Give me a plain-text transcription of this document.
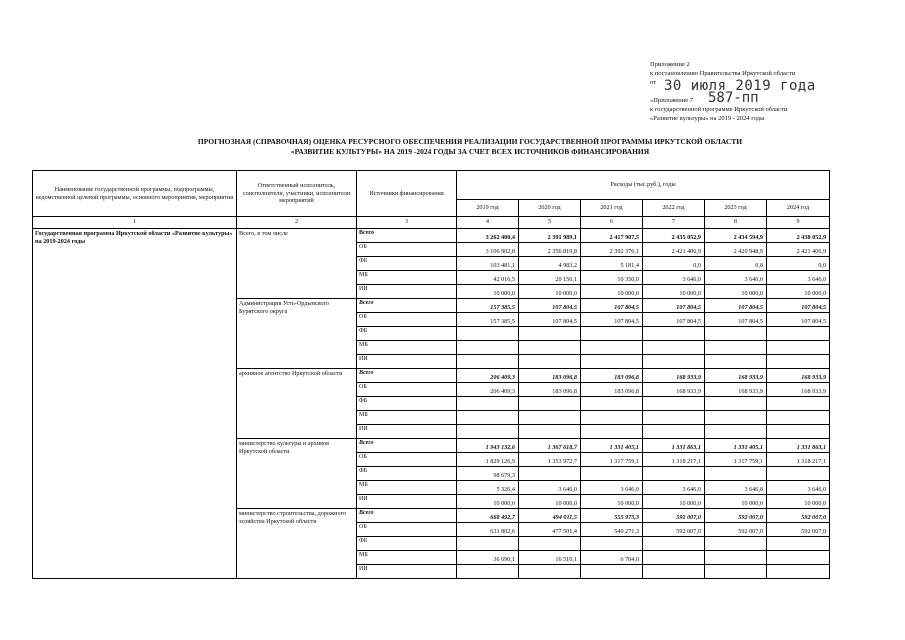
Приложение 2
к постановлению Правительства Иркутской области
от
«Приложение 7
к государственной программе Иркутской области
«Развитие культуры» на 2019 - 2024 годы
30 июля 2019 года
587-пп
ПРОГНОЗНАЯ (СПРАВОЧНАЯ) ОЦЕНКА РЕСУРСНОГО ОБЕСПЕЧЕНИЯ РЕАЛИЗАЦИИ ГОСУДАРСТВЕННОЙ ПРОГРАММЫ ИРКУТСКОЙ ОБЛАСТИ
«РАЗВИТИЕ КУЛЬТУРЫ» НА 2019 -2024 ГОДЫ ЗА СЧЕТ ВСЕХ ИСТОЧНИКОВ ФИНАНСИРОВАНИЯ
Наименование государственной программы, подпрограммы, ведомственной целевой программы, основного мероприятия, мероприятия	Ответственный исполнитель, соисполнители, участники, исполнители мероприятий	Источники финансирования	Расходы (тыс.руб.), годы					
			2019 год	2020 год	2021 год	2022 год	2023 год	2024 год
1	2	3	4	5	6	7	8	9
Государственная программа Иркутской области «Развитие культуры» на 2019-2024 годы	Всего, в том числе	Всего	3 262 400,4	2 391 989,1	2 417 907,5	2 435 052,9	2 434 594,9	2 438 052,9
		ОБ	3 106 902,8	2 356 819,8	2 392 376,1	2 421 406,9	2 420 948,9	2 421 406,9
		ФБ	103 481,1	4 983,2	5 181,4	0,0	0,0	0,0
		МБ	42 016,5	20 156,1	10 350,0	3 646,0	3 646,0	3 646,0
		ИИ	10 000,0	10 000,0	10 000,0	10 000,0	10 000,0	10 000,0
	Администрация Усть-Ордынского Бурятского округа	Всего	157 385,5	107 804,5	107 804,5	107 804,5	107 804,5	107 804,5
		ОБ	157 385,5	107 804,5	107 804,5	107 804,5	107 804,5	107 804,5
		ФБ						
		МБ						
		ИИ						
	архивное агентство Иркутской области	Всего	206 409,3	183 096,8	183 096,8	168 933,9	168 933,9	168 933,9
		ОБ	206 409,3	183 096,8	183 096,8	168 933,9	168 933,9	168 933,9
		ФБ						
		МБ						
		ИИ						
	министерство культуры и архивов Иркутской области	Всего	1 943 132,6	1 367 618,7	1 331 405,1	1 331 863,1	1 331 405,1	1 331 863,1
		ОБ	1 829 126,9	1 353 972,7	1 317 759,1	1 318 217,1	1 317 759,1	1 318 217,1
		ФБ	98 679,3					
		МБ	5 326,4	3 646,0	3 646,0	3 646,0	3 646,0	3 646,0
		ИИ	10 000,0	10 000,0	10 000,0	10 000,0	10 000,0	10 000,0
	министерство строительства, дорожного хозяйства Иркутской области	Всего	668 492,7	494 011,5	555 975,3	592 007,0	592 007,0	592 007,0
		ОБ	631 802,6	477 501,4	549 271,3	592 007,0	592 007,0	592 007,0
		ФБ						
		МБ	36 690,1	16 510,1	6 704,0			
		ИИ						
